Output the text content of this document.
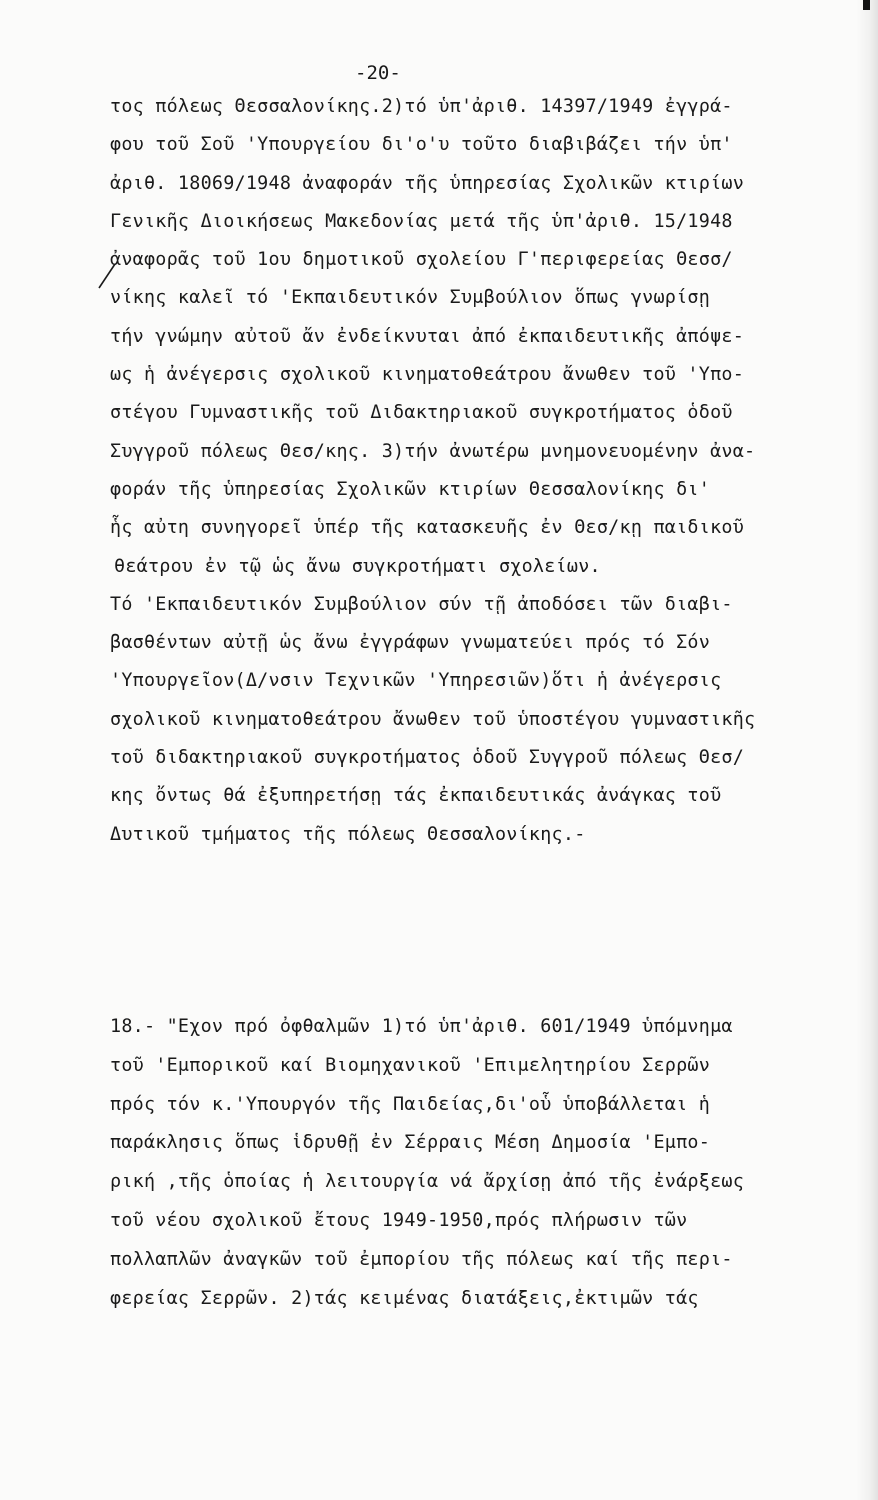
-20-
τος πόλεως Θεσσαλονίκης.2)τό ὑπ'ἀριθ. 14397/1949 ἐγγρά-
φου τοῦ Σοῦ 'Υπουργείου δι'ο'υ τοῦτο διαβιβάζει τήν ὑπ'
ἀριθ. 18069/1948 ἀναφοράν τῆς ὑπηρεσίας Σχολικῶν κτιρίων
Γενικῆς Διοικήσεως Μακεδονίας μετά τῆς ὑπ'ἀριθ. 15/1948
ἀναφορᾶς τοῦ 1ου δημοτικοῦ σχολείου Γ'περιφερείας Θεσσ/
νίκης καλεῖ τό 'Εκπαιδευτικόν Συμβούλιον ὅπως γνωρίσῃ
τήν γνώμην αὐτοῦ ἄν ἐνδείκνυται ἀπό ἐκπαιδευτικῆς ἀπόψε-
ως ἡ ἀνέγερσις σχολικοῦ κινηματοθεάτρου ἄνωθεν τοῦ 'Υπο-
στέγου Γυμναστικῆς τοῦ Διδακτηριακοῦ συγκροτήματος ὁδοῦ
Συγγροῦ πόλεως Θεσ/κης. 3)τήν ἀνωτέρω μνημονευομένην ἀνα-
φοράν τῆς ὑπηρεσίας Σχολικῶν κτιρίων Θεσσαλονίκης δι'
ἧς αὐτη συνηγορεῖ ὑπέρ τῆς κατασκευῆς ἐν Θεσ/κῃ παιδικοῦ
θεάτρου ἐν τῷ ὡς ἄνω συγκροτήματι σχολείων.
Τό 'Εκπαιδευτικόν Συμβούλιον σύν τῇ ἀποδόσει τῶν διαβι-
βασθέντων αὐτῇ ὡς ἄνω ἐγγράφων γνωματεύει πρός τό Σόν
'Υπουργεῖον(Δ/νσιν Τεχνικῶν 'Υπηρεσιῶν)ὅτι ἡ ἀνέγερσις
σχολικοῦ κινηματοθεάτρου ἄνωθεν τοῦ ὑποστέγου γυμναστικῆς
τοῦ διδακτηριακοῦ συγκροτήματος ὁδοῦ Συγγροῦ πόλεως Θεσ/
κης ὄντως θά ἐξυπηρετήσῃ τάς ἐκπαιδευτικάς ἀνάγκας τοῦ
Δυτικοῦ τμήματος τῆς πόλεως Θεσσαλονίκης.-
18.- "Εχον πρό ὀφθαλμῶν 1)τό ὑπ'ἀριθ. 601/1949 ὑπόμνημα
τοῦ 'Εμπορικοῦ καί Βιομηχανικοῦ 'Επιμελητηρίου Σερρῶν
πρός τόν κ.'Υπουργόν τῆς Παιδείας,δι'οὗ ὑποβάλλεται ἡ
παράκλησις ὅπως ἱδρυθῇ ἐν Σέρραις Μέση Δημοσία 'Εμπο-
ρική ,τῆς ὁποίας ἡ λειτουργία νά ἄρχίσῃ ἀπό τῆς ἐνάρξεως
τοῦ νέου σχολικοῦ ἔτους 1949-1950,πρός πλήρωσιν τῶν
πολλαπλῶν ἀναγκῶν τοῦ ἐμπορίου τῆς πόλεως καί τῆς περι-
φερείας Σερρῶν. 2)τάς κειμένας διατάξεις,ἐκτιμῶν τάς
